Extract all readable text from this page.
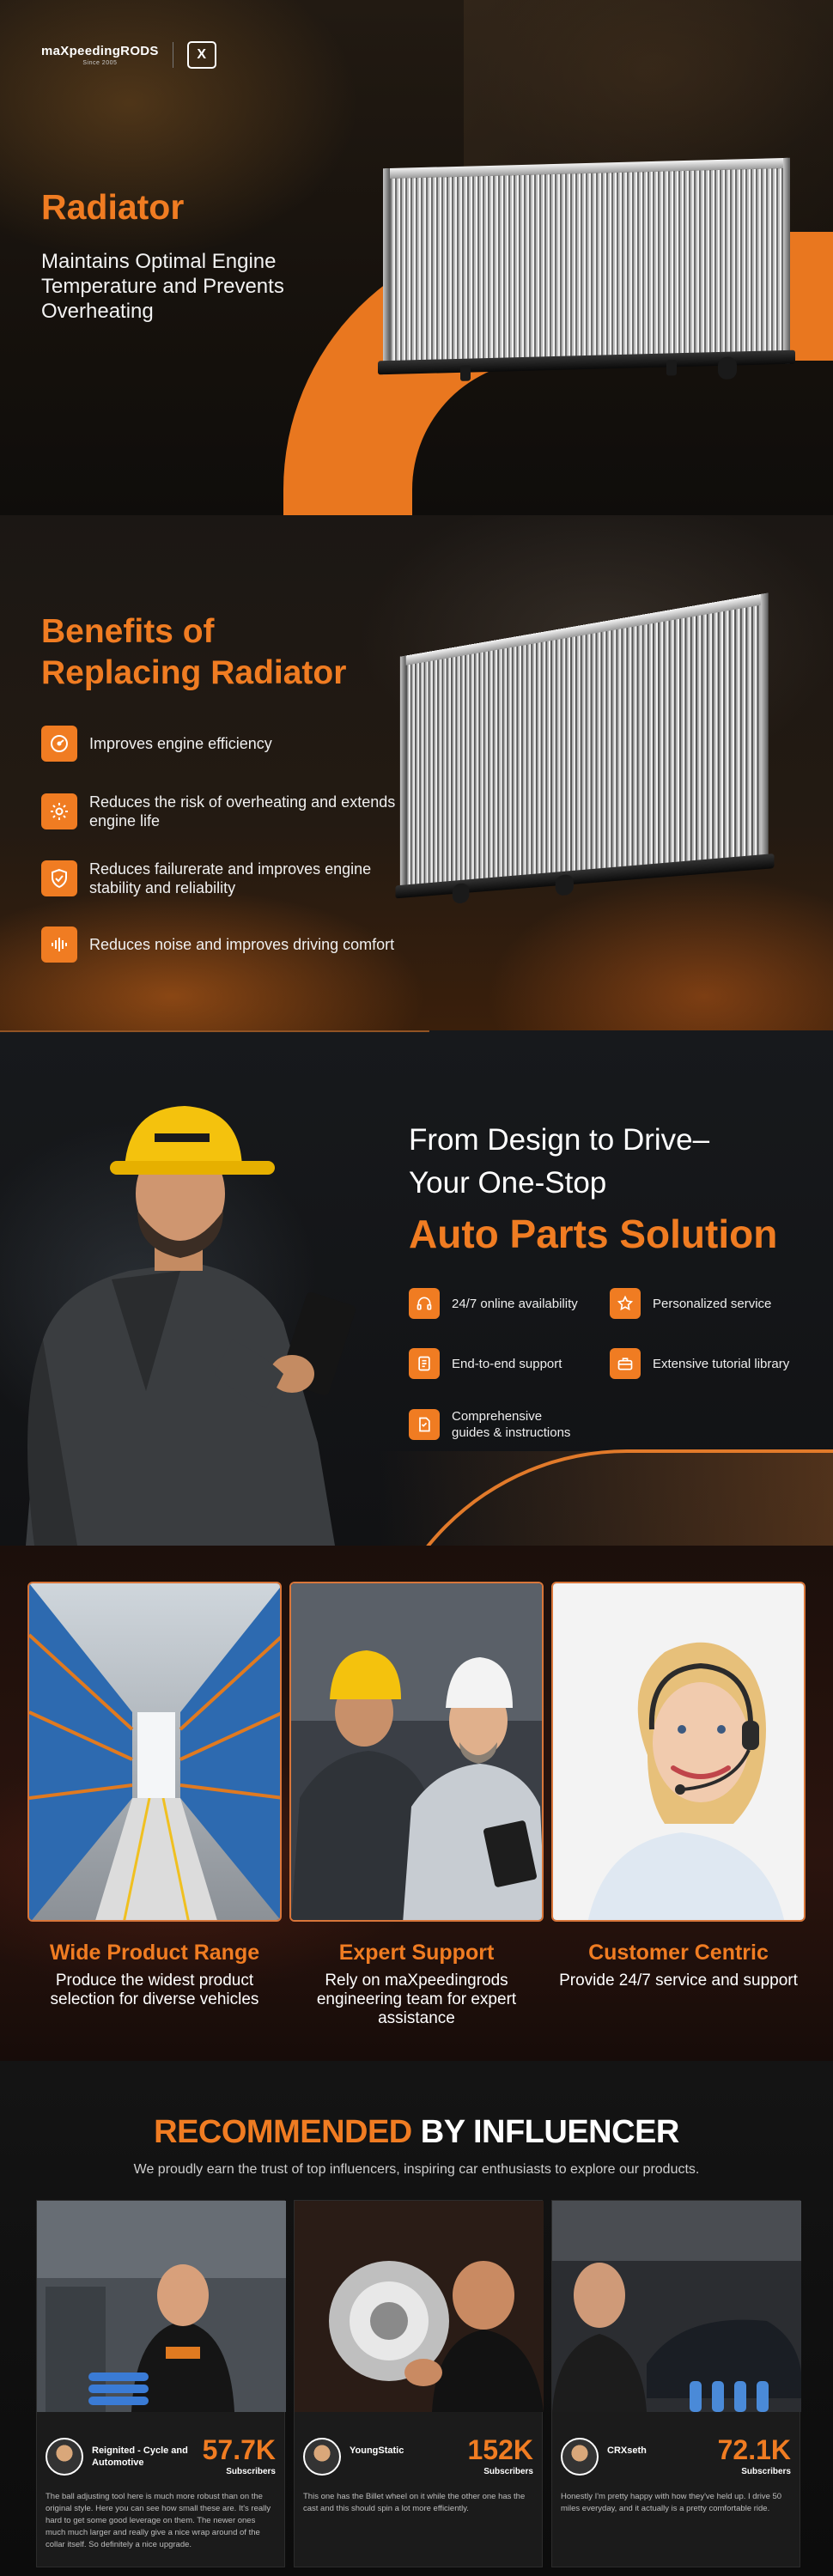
maXpeedingRODS
Since 2005
X
Radiator

Maintains Optimal Engine Temperature and Prevents Overheating

Benefits of
Replacing Radiator
Improves engine efficiency
Reduces the risk of overheating and extends engine life
Reduces failurerate and improves engine stability and reliability
Reduces noise and improves driving comfort
From Design to Drive–
Your One-Stop
Auto Parts Solution
24/7 online availability	Personalized service
End-to-end support	Extensive tutorial library
Comprehensive guides & instructions
Wide Product Range
Produce the widest product selection for diverse vehicles
Expert Support
Rely on maXpeedingrods engineering team for expert assistance
Customer Centric
Provide 24/7 service and support
RECOMMENDED BY INFLUENCER

We proudly earn the trust of top influencers, inspiring car enthusiasts to explore our products.

Reignited - Cycle and Automotive	57.7K
Subscribers
The ball adjusting tool here is much more robust than on the original style. Here you can see how small these are. It's really hard to get some good leverage on them. The newer ones much much larger and really give a nice wrap around of the collar itself. So definitely a nice upgrade.
YoungStatic	152K
Subscribers
This one has the Billet wheel on it while the other one has the cast and this should spin a lot more efficiently.
CRXseth	72.1K
Subscribers
Honestly I'm pretty happy with how they've held up. I drive 50 miles everyday, and it actually is a pretty comfortable ride.
